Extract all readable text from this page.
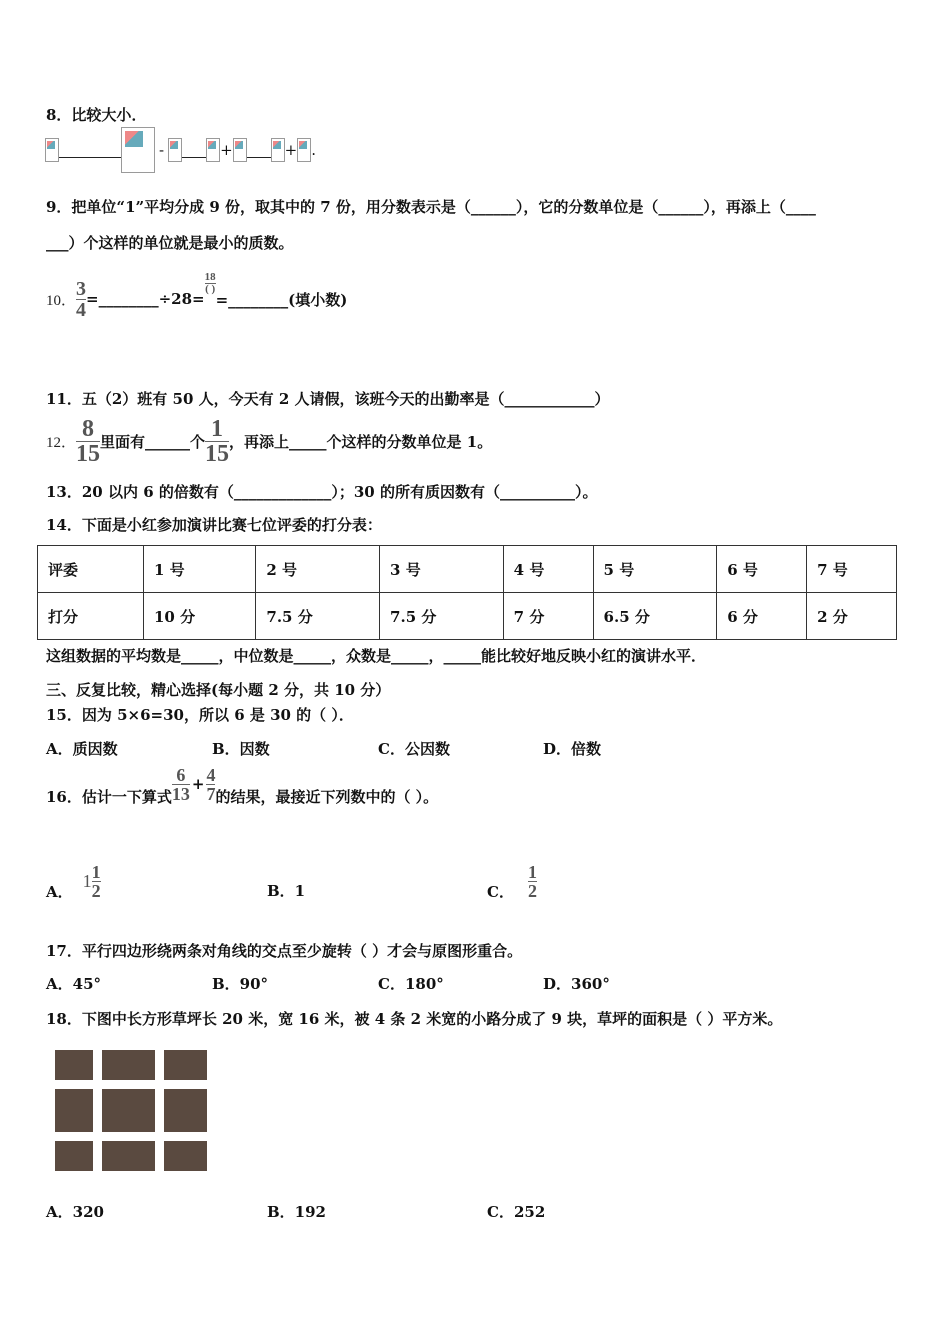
8．比较大小．
-	+	+ .
9．把单位“1”平均分成 9 份，取其中的 7 份，用分数表示是（______），它的分数单位是（______），再添上（____
___）个这样的单位就是最小的质数。
10． $\frac{3}{4}$ =________÷28=
$\frac{18}{( )}$
=________(填小数)
11．五（2）班有 50 人，今天有 2 人请假，该班今天的出勤率是（____________）
12． $\frac{8}{15}$ 里面有______个 $\frac{1}{15}$ ，再添上_____个这样的分数单位是 1。
13．20 以内 6 的倍数有（_____________）；30 的所有质因数有（__________）。
14．下面是小红参加演讲比赛七位评委的打分表：
评委	1 号	2 号	3 号	4 号	5 号	6 号	7 号
打分	10 分	7.5 分	7.5 分	7 分	6.5 分	6 分	2 分
这组数据的平均数是_____，中位数是_____，众数是_____，_____能比较好地反映小红的演讲水平．
三、反复比较，精心选择(每小题 2 分，共 10 分）
15．因为 5×6=30，所以 6 是 30 的（ ）．
A．质因数	B．因数	C．公因数	D．倍数
16．估计一下算式 $\frac{6}{13} + \frac{4}{7}$ 的结果，最接近下列数中的（ ）。
A．
$1 \frac{1}{2}$	B．1	C． $\frac{1}{2}$
17．平行四边形绕两条对角线的交点至少旋转（ ）才会与原图形重合。
A．45°	B．90°	C．180°	D．360°
18．下图中长方形草坪长 20 米，宽 16 米，被 4 条 2 米宽的小路分成了 9 块，草坪的面积是（ ）平方米。
A．320	B．192	C．252
